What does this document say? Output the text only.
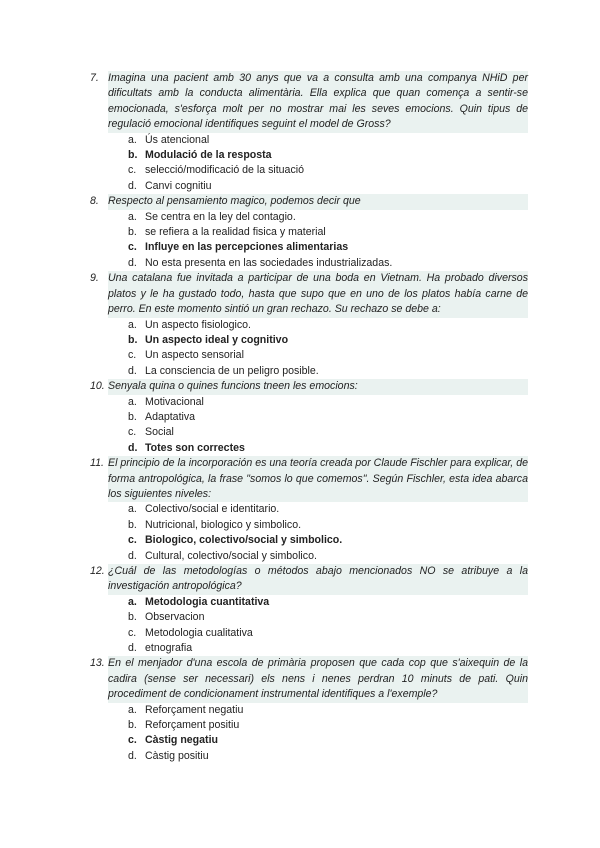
7. Imagina una pacient amb 30 anys que va a consulta amb una companya NHiD per dificultats amb la conducta alimentària. Ella explica que quan comença a sentir-se emocionada, s'esforça molt per no mostrar mai les seves emocions. Quin tipus de regulació emocional identifiques seguint el model de Gross?
a. Ús atencional
b. Modulació de la resposta
c. selecció/modificació de la situació
d. Canvi cognitiu
8. Respecto al pensamiento magico, podemos decir que
a. Se centra en la ley del contagio.
b. se refiera a la realidad fisica y material
c. Influye en las percepciones alimentarias
d. No esta presenta en las sociedades industrializadas.
9. Una catalana fue invitada a participar de una boda en Vietnam. Ha probado diversos platos y le ha gustado todo, hasta que supo que en uno de los platos había carne de perro. En este momento sintió un gran rechazo. Su rechazo se debe a:
a. Un aspecto fisiologico.
b. Un aspecto ideal y cognitivo
c. Un aspecto sensorial
d. La consciencia de un peligro posible.
10. Senyala quina o quines funcions tneen les emocions:
a. Motivacional
b. Adaptativa
c. Social
d. Totes son correctes
11. El principio de la incorporación es una teoría creada por Claude Fischler para explicar, de forma antropológica, la frase "somos lo que comemos". Según Fischler, esta idea abarca los siguientes niveles:
a. Colectivo/social e identitario.
b. Nutricional, biologico y simbolico.
c. Biologico, colectivo/social y simbolico.
d. Cultural, colectivo/social y simbolico.
12. ¿Cuál de las metodologías o métodos abajo mencionados NO se atribuye a la investigación antropológica?
a. Metodologia cuantitativa
b. Observacion
c. Metodologia cualitativa
d. etnografia
13. En el menjador d'una escola de primària proposen que cada cop que s'aixequin de la cadira (sense ser necessari) els nens i nenes perdran 10 minuts de pati. Quin procediment de condicionament instrumental identifiques a l'exemple?
a. Reforçament negatiu
b. Reforçament positiu
c. Càstig negatiu
d. Càstig positiu
